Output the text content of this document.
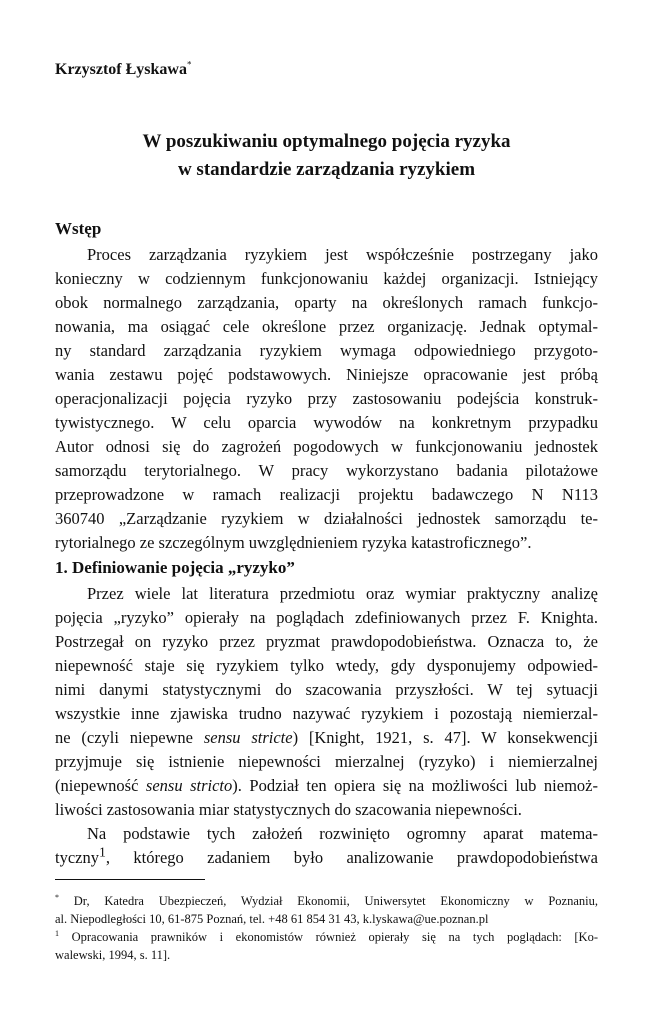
Krzysztof Łyskawa*
W poszukiwaniu optymalnego pojęcia ryzyka
w standardzie zarządzania ryzykiem
Wstęp
Proces zarządzania ryzykiem jest współcześnie postrzegany jako
konieczny w codziennym funkcjonowaniu każdej organizacji. Istniejący
obok normalnego zarządzania, oparty na określonych ramach funkcjo-
nowania, ma osiągać cele określone przez organizację. Jednak optymal-
ny standard zarządzania ryzykiem wymaga odpowiedniego przygoto-
wania zestawu pojęć podstawowych. Niniejsze opracowanie jest próbą
operacjonalizacji pojęcia ryzyko przy zastosowaniu podejścia konstruk-
tywistycznego. W celu oparcia wywodów na konkretnym przypadku
Autor odnosi się do zagrożeń pogodowych w funkcjonowaniu jednostek
samorządu terytorialnego. W pracy wykorzystano badania pilotażowe
przeprowadzone w ramach realizacji projektu badawczego N N113
360740 „Zarządzanie ryzykiem w działalności jednostek samorządu te-
rytorialnego ze szczególnym uwzględnieniem ryzyka katastroficznego”.
1. Definiowanie pojęcia „ryzyko”
Przez wiele lat literatura przedmiotu oraz wymiar praktyczny analizę
pojęcia „ryzyko” opierały na poglądach zdefiniowanych przez F. Knighta.
Postrzegał on ryzyko przez pryzmat prawdopodobieństwa. Oznacza to, że
niepewność staje się ryzykiem tylko wtedy, gdy dysponujemy odpowied-
nimi danymi statystycznymi do szacowania przyszłości. W tej sytuacji
wszystkie inne zjawiska trudno nazywać ryzykiem i pozostają niemierzal-
ne (czyli niepewne sensu stricte) [Knight, 1921, s. 47]. W konsekwencji
przyjmuje się istnienie niepewności mierzalnej (ryzyko) i niemierzalnej
(niepewność sensu stricto). Podział ten opiera się na możliwości lub niemoż-
liwości zastosowania miar statystycznych do szacowania niepewności.
Na podstawie tych założeń rozwinięto ogromny aparat matema-
tyczny$^1$, którego zadaniem było analizowanie prawdopodobieństwa
* Dr, Katedra Ubezpieczeń, Wydział Ekonomii, Uniwersytet Ekonomiczny w Poznaniu,
al. Niepodległości 10, 61-875 Poznań, tel. +48 61 854 31 43, k.lyskawa@ue.poznan.pl
$^1$ Opracowania prawników i ekonomistów również opierały się na tych poglądach: [Ko-
walewski, 1994, s. 11].
